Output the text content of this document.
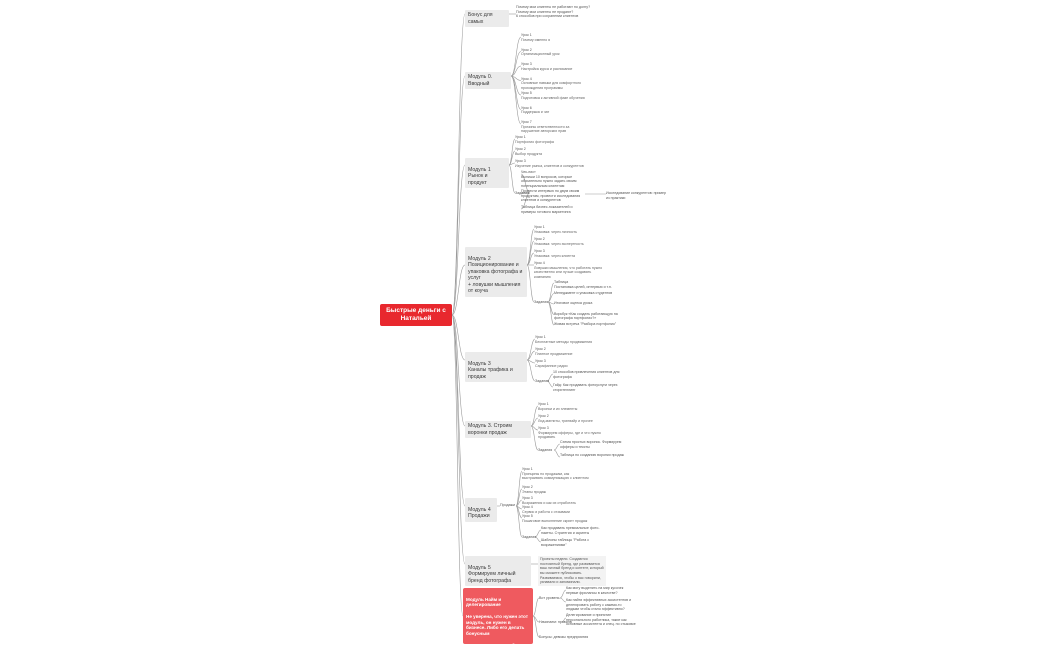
Быстрые деньги с Натальей
Бонус для самых
Почему мои клиенты не работают по долгу?
Почему мои клиенты не продают?
6 способов при сохранении клиентов
Модуль 0. Вводный
Урок 1
Почему именно я
Урок 2
Организационный урок
Урок 3
Настройка курса и расписание
Урок 4
Основные навыки для комфортного прохождения программы
Урок 5
Подготовка к активной фазе обучения
Урок 6
Поддержка и чат
Урок 7
Причины ответственности за нарушение авторских прав

Модуль 1
Рынок и продукт

Урок 1
Портфолио фотографа
Урок 2
Выбор продукта
Урок 3
Изучение рынка, клиентов и конкурентов
Задания
Чек-лист
Выпиши 10 вопросов, которые обязательно нужно задать своим потенциальным клиентам
Провести интервью по двум своим продуктам, провести исследования клиентов и конкурентов
Таблица бизнес-показателей и примеры готового маркетинга
Исследование конкурентов: пример из практики

Модуль 2
Позиционирование и упаковка фотографа и услуг
+ ловушки мышления от коуча

Урок 1
Упаковка: через личность
Урок 2
Упаковка: через экспертность
Урок 3
Упаковка: через клиента
Урок 4
Ловушки мышления, что работать нужно качественно или лучше создавать компанию
Задания
Таблица
Постановка целей, интервью и т.п.
Менеджмент и упаковка студентов
Итоговое оценка урока
Воркбук «Как создать работающую на фотографа портфолио?»
Живая встреча "Разбора портфолио"

Модуль 3
Каналы трафика и продаж

Урок 1
Бесплатные методы продвижения
Урок 2
Платное продвижение
Урок 3
Сарафанное радио
Задания
10 способов привлечения клиентов для фотографа
Гайд: Как продавать фотоуслуги через сторителлинг
Модуль 3. Строим воронки продаж
Урок 1
Воронки и их элементы
Урок 2
Лид-магниты, трипвайр и прочее
Урок 3
Формируем офферы, где и что нужно продавать
Задания
Схема простых воронок. Формируем офферы и тексты
Таблица по созданию воронки продаж

Модуль 4
Продажи

Продажи
Урок 1
Принципы по продажам, как выстраивать коммуникацию с клиентом
Урок 2
Этапы продаж
Урок 3
Возражения и как их отработать
Урок 4
Сервис и работа с отзывами
Урок 5
Пошаговое выполнение скрипт продаж
Задания
Как продавать премиальные фото-пакеты. Стратегия и скрипты
Шаблоны таблицы "Работа с возражениями"

Модуль 5
Формируем личный бренд фотографа

Проекты недели. Создаются постоянный бренд, где развивается ваш личный бренд и контент, который вы сможете публиковать. Развиваемся, чтобы о вас говорили, узнавали и запоминали.

Модуль Найм и делегирование

Не уверена, что нужен этот модуль, он нужен в бизнесе. Либо его делать бонусным

Может нам усилить бизнес уровнем от Натальи???

Вот уровень
Начинаем: правила
Бонусы: девизы предприятия
Как могу выделить на мир кусочек первые фрилансы в качестве?
Как найти эффективных ассистентов и делегировать работу с какими-то людьми чтобы стало эффективно?
Делегирование и принятие персонального работника, такие как основные ассистента и спец. по стыковке
